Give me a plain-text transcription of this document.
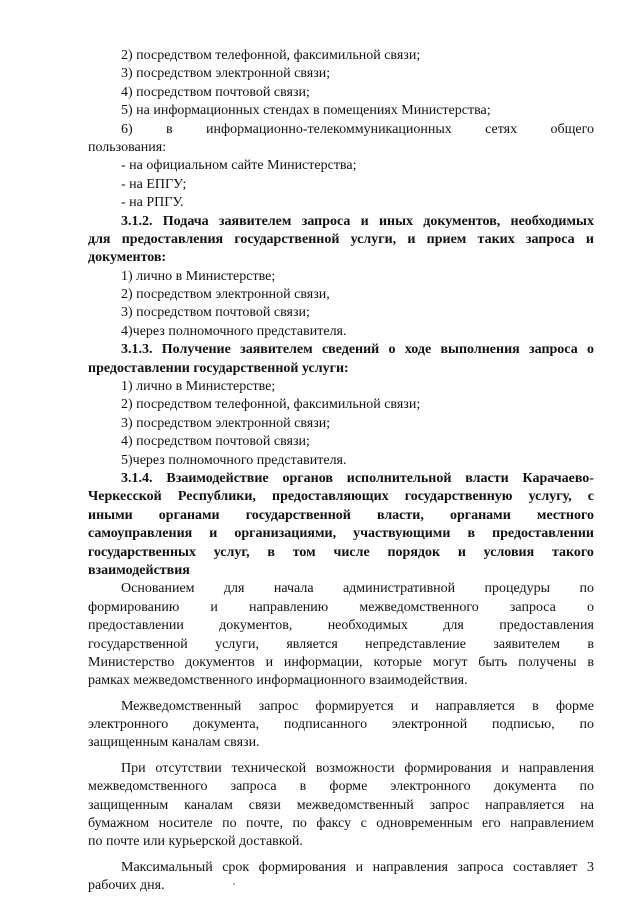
2) посредством телефонной, факсимильной связи;
3) посредством электронной связи;
4) посредством почтовой связи;
5) на информационных стендах в помещениях Министерства;
6) в информационно-телекоммуникационных сетях общего
пользования:
- на официальном сайте Министерства;
- на ЕПГУ;
- на РПГУ.
3.1.2. Подача заявителем запроса и иных документов, необходимых
для предоставления государственной услуги, и прием таких запроса и
документов:
1) лично в Министерстве;
2) посредством электронной связи,
3) посредством почтовой связи;
4)через полномочного представителя.
3.1.3. Получение заявителем сведений о ходе выполнения запроса о
предоставлении государственной услуги:
1) лично в Министерстве;
2) посредством телефонной, факсимильной связи;
3) посредством электронной связи;
4) посредством почтовой связи;
5)через полномочного представителя.
3.1.4. Взаимодействие органов исполнительной власти Карачаево-
Черкесской Республики, предоставляющих государственную услугу, с
иными органами государственной власти, органами местного
самоуправления и организациями, участвующими в предоставлении
государственных услуг, в том числе порядок и условия такого
взаимодействия
Основанием для начала административной процедуры по
формированию и направлению межведомственного запроса о
предоставлении	документов,	необходимых	для	предоставления
государственной услуги, является непредставление заявителем в
Министерство документов и информации, которые могут быть получены в
рамках межведомственного информационного взаимодействия.
Межведомственный запрос формируется и направляется в форме
электронного документа, подписанного электронной подписью, по
защищенным каналам связи.
При отсутствии технической возможности формирования и направления
межведомственного запроса в форме электронного документа по
защищенным каналам связи межведомственный запрос направляется на
бумажном носителе по почте, по факсу с одновременным его направлением
по почте или курьерской доставкой.
Максимальный срок формирования и направления запроса составляет 3
рабочих дня.
